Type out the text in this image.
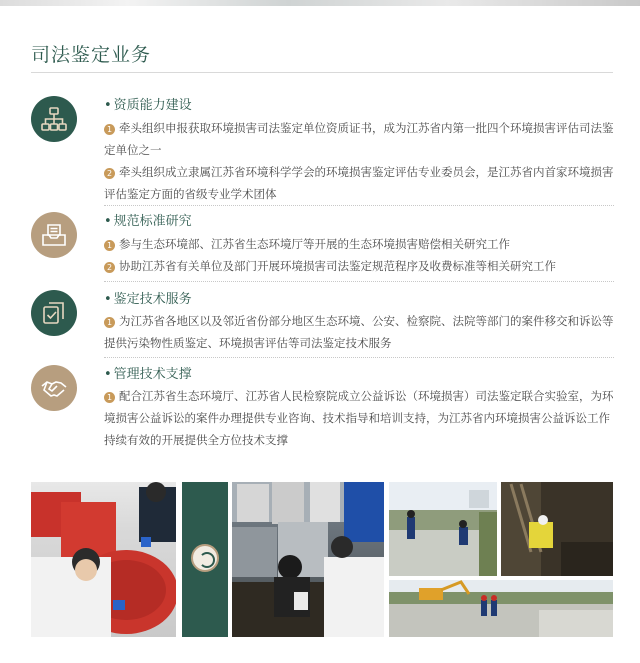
司法鉴定业务
• 资质能力建设
1 牵头组织申报获取环境损害司法鉴定单位资质证书，成为江苏省内第一批四个环境损害评估司法鉴定单位之一
2 牵头组织成立隶属江苏省环境科学学会的环境损害鉴定评估专业委员会，是江苏省内首家环境损害评估鉴定方面的省级专业学术团体
• 规范标准研究
1 参与生态环境部、江苏省生态环境厅等开展的生态环境损害赔偿相关研究工作
2 协助江苏省有关单位及部门开展环境损害司法鉴定规范程序及收费标准等相关研究工作
• 鉴定技术服务
1 为江苏省各地区以及邻近省份部分地区生态环境、公安、检察院、法院等部门的案件移交和诉讼等提供污染物性质鉴定、环境损害评估等司法鉴定技术服务
• 管理技术支撑
1 配合江苏省生态环境厅、江苏省人民检察院成立公益诉讼（环境损害）司法鉴定联合实验室，为环境损害公益诉讼的案件办理提供专业咨询、技术指导和培训支持，为江苏省内环境损害公益诉讼工作持续有效的开展提供全方位技术支撑
